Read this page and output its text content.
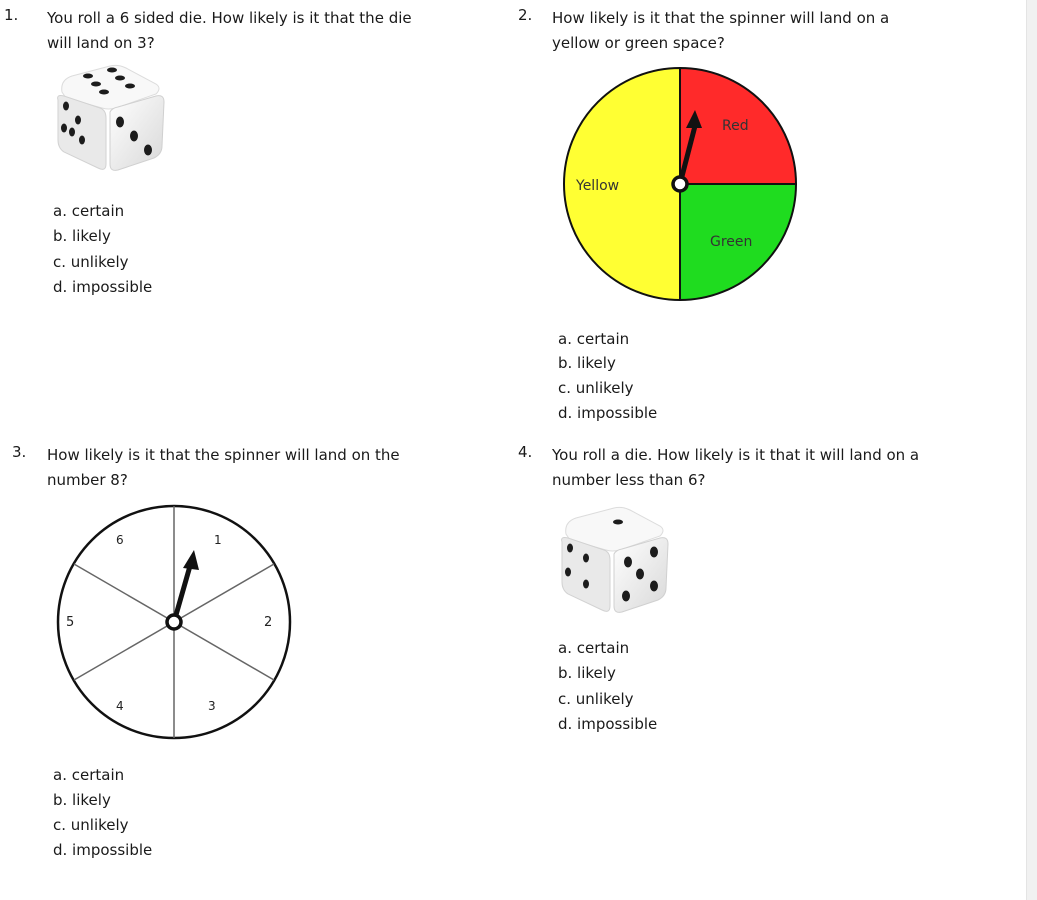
1. You roll a 6 sided die. How likely is it that the die
will land on 3?
a. certain
b. likely
c. unlikely
d. impossible
2. How likely is it that the spinner will land on a
yellow or green space?
Red
Yellow
Green
a. certain
b. likely
c. unlikely
d. impossible
3. How likely is it that the spinner will land on the
number 8?
6	1
5	2
4	3
a. certain
b. likely
c. unlikely
d. impossible
4. You roll a die. How likely is it that it will land on a
number less than 6?
a. certain
b. likely
c. unlikely
d. impossible
